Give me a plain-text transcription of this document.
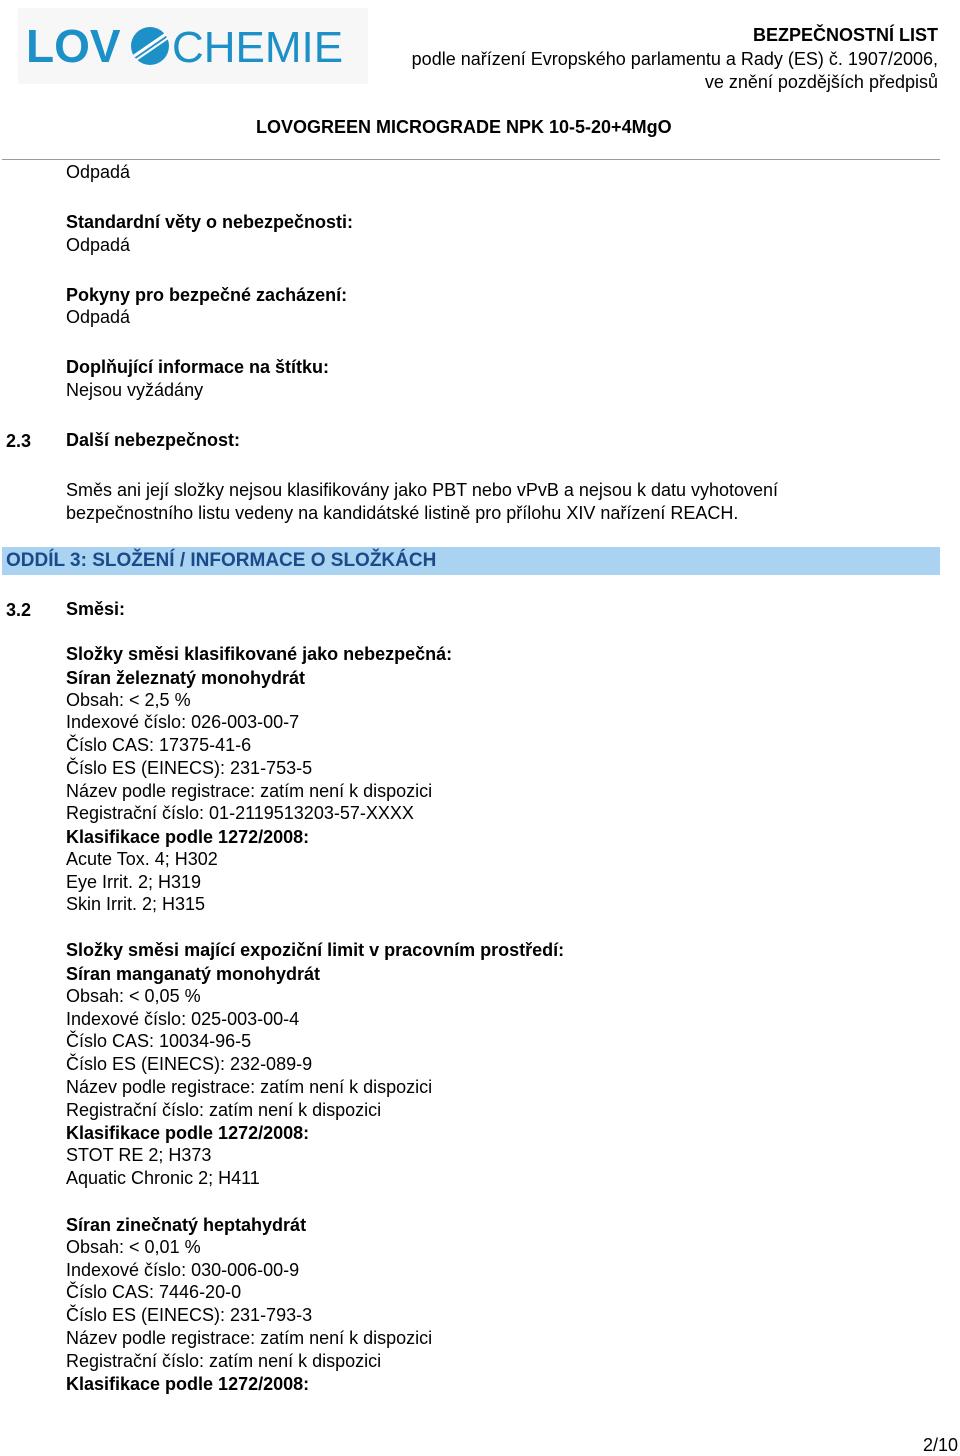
LOV CHEMIE	BEZPEČNOSTNÍ LIST
podle nařízení Evropského parlamentu a Rady (ES) č. 1907/2006,
ve znění pozdějších předpisů
LOVOGREEN MICROGRADE NPK 10-5-20+4MgO
Odpadá
Standardní věty o nebezpečnosti:
Odpadá
Pokyny pro bezpečné zacházení:
Odpadá
Doplňující informace na štítku:
Nejsou vyžádány
2.3 Další nebezpečnost:
Směs ani její složky nejsou klasifikovány jako PBT nebo vPvB a nejsou k datu vyhotovení
bezpečnostního listu vedeny na kandidátské listině pro přílohu XIV nařízení REACH.
ODDÍL 3: SLOŽENÍ / INFORMACE O SLOŽKÁCH
3.2 Směsi:
Složky směsi klasifikované jako nebezpečná:
Síran železnatý monohydrát
Obsah: < 2,5 %
Indexové číslo: 026-003-00-7
Číslo CAS: 17375-41-6
Číslo ES (EINECS): 231-753-5
Název podle registrace: zatím není k dispozici
Registrační číslo: 01-2119513203-57-XXXX
Klasifikace podle 1272/2008:
Acute Tox. 4; H302
Eye Irrit. 2; H319
Skin Irrit. 2; H315
Složky směsi mající expoziční limit v pracovním prostředí:
Síran manganatý monohydrát
Obsah: < 0,05 %
Indexové číslo: 025-003-00-4
Číslo CAS: 10034-96-5
Číslo ES (EINECS): 232-089-9
Název podle registrace: zatím není k dispozici
Registrační číslo: zatím není k dispozici
Klasifikace podle 1272/2008:
STOT RE 2; H373
Aquatic Chronic 2; H411
Síran zinečnatý heptahydrát
Obsah: < 0,01 %
Indexové číslo: 030-006-00-9
Číslo CAS: 7446-20-0
Číslo ES (EINECS): 231-793-3
Název podle registrace: zatím není k dispozici
Registrační číslo: zatím není k dispozici
Klasifikace podle 1272/2008:
2/10
